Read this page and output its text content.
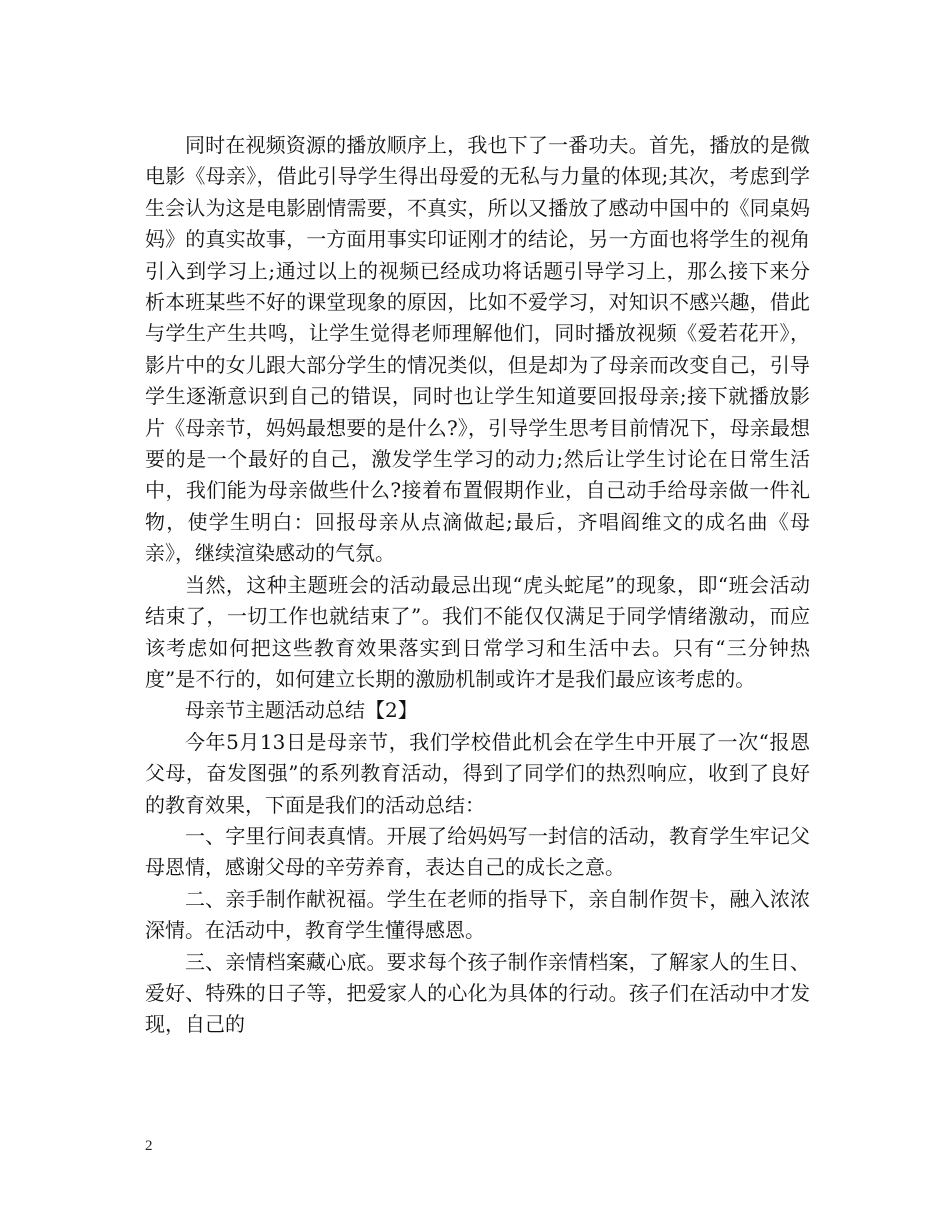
同时在视频资源的播放顺序上，我也下了一番功夫。首先，播放的是微电影《母亲》，借此引导学生得出母爱的无私与力量的体现;其次，考虑到学生会认为这是电影剧情需要，不真实，所以又播放了感动中国中的《同桌妈妈》的真实故事，一方面用事实印证刚才的结论，另一方面也将学生的视角引入到学习上;通过以上的视频已经成功将话题引导学习上，那么接下来分析本班某些不好的课堂现象的原因，比如不爱学习，对知识不感兴趣，借此与学生产生共鸣，让学生觉得老师理解他们，同时播放视频《爱若花开》，影片中的女儿跟大部分学生的情况类似，但是却为了母亲而改变自己，引导学生逐渐意识到自己的错误，同时也让学生知道要回报母亲;接下就播放影片《母亲节，妈妈最想要的是什么?》，引导学生思考目前情况下，母亲最想要的是一个最好的自己，激发学生学习的动力;然后让学生讨论在日常生活中，我们能为母亲做些什么?接着布置假期作业，自己动手给母亲做一件礼物，使学生明白：回报母亲从点滴做起;最后，齐唱阎维文的成名曲《母亲》，继续渲染感动的气氛。

当然，这种主题班会的活动最忌出现“虎头蛇尾”的现象，即“班会活动结束了，一切工作也就结束了”。我们不能仅仅满足于同学情绪激动，而应该考虑如何把这些教育效果落实到日常学习和生活中去。只有“三分钟热度”是不行的，如何建立长期的激励机制或许才是我们最应该考虑的。

母亲节主题活动总结【2】

今年5月13日是母亲节，我们学校借此机会在学生中开展了一次“报恩父母，奋发图强”的系列教育活动，得到了同学们的热烈响应，收到了良好的教育效果，下面是我们的活动总结：

一、字里行间表真情。开展了给妈妈写一封信的活动，教育学生牢记父母恩情，感谢父母的辛劳养育，表达自己的成长之意。

二、亲手制作献祝福。学生在老师的指导下，亲自制作贺卡，融入浓浓深情。在活动中，教育学生懂得感恩。

三、亲情档案藏心底。要求每个孩子制作亲情档案，了解家人的生日、爱好、特殊的日子等，把爱家人的心化为具体的行动。孩子们在活动中才发现，自己的

2
